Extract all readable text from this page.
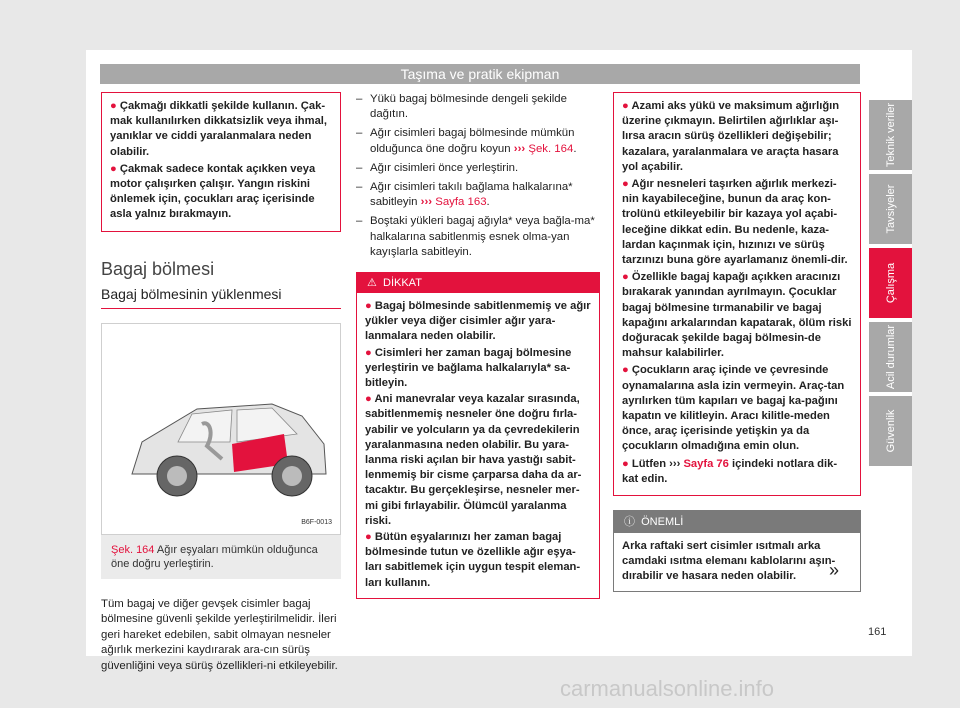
Taşıma ve pratik ekipman

● Çakmağı dikkatli şekilde kullanın. Çak-mak kullanılırken dikkatsizlik veya ihmal, yanıklar ve ciddi yaralanmalara neden olabilir.

● Çakmak sadece kontak açıkken veya motor çalışırken çalışır. Yangın riskini önlemek için, çocukları araç içerisinde asla yalnız bırakmayın.

Bagaj bölmesi
Bagaj bölmesinin yüklenmesi
B6F-0013
Şek. 164 Ağır eşyaları mümkün olduğunca öne doğru yerleştirin.

Tüm bagaj ve diğer gevşek cisimler bagaj bölmesine güvenli şekilde yerleştirilmelidir. İleri geri hareket edebilen, sabit olmayan nesneler ağırlık merkezini kaydırarak ara-cın sürüş güvenliğini veya sürüş özellikleri-ni etkileyebilir.

– Yükü bagaj bölmesinde dengeli şekilde dağıtın.
– Ağır cisimleri bagaj bölmesinde mümkün olduğunca öne doğru koyun ››› Şek. 164.
– Ağır cisimleri önce yerleştirin.
– Ağır cisimleri takılı bağlama halkalarına* sabitleyin ››› Sayfa 163.
– Boştaki yükleri bagaj ağıyla* veya bağla-ma* halkalarına sabitlenmiş esnek olma-yan kayışlarla sabitleyin.
⚠ DİKKAT

● Bagaj bölmesinde sabitlenmemiş ve ağır yükler veya diğer cisimler ağır yara-lanmalara neden olabilir.

● Cisimleri her zaman bagaj bölmesine yerleştirin ve bağlama halkalarıyla* sa-bitleyin.

● Ani manevralar veya kazalar sırasında, sabitlenmemiş nesneler öne doğru fırla-yabilir ve yolcuların ya da çevredekilerin yaralanmasına neden olabilir. Bu yara-lanma riski açılan bir hava yastığı sabit-lenmemiş bir cisme çarparsa daha da ar-tacaktır. Bu gerçekleşirse, nesneler mer-mi gibi fırlayabilir. Ölümcül yaralanma riski.

● Bütün eşyalarınızı her zaman bagaj bölmesinde tutun ve özellikle ağır eşya-ları sabitlemek için uygun tespit eleman-ları kullanın.

● Azami aks yükü ve maksimum ağırlığın üzerine çıkmayın. Belirtilen ağırlıklar aşı-lırsa aracın sürüş özellikleri değişebilir; kazalara, yaralanmalara ve araçta hasara yol açabilir.

● Ağır nesneleri taşırken ağırlık merkezi-nin kayabileceğine, bunun da araç kon-trolünü etkileyebilir bir kazaya yol açabi-leceğine dikkat edin. Bu nedenle, kaza-lardan kaçınmak için, hızınızı ve sürüş tarzınızı buna göre ayarlamanız önemli-dir.

● Özellikle bagaj kapağı açıkken aracınızı bırakarak yanından ayrılmayın. Çocuklar bagaj bölmesine tırmanabilir ve bagaj kapağını arkalarından kapatarak, ölüm riski doğuracak şekilde bagaj bölmesin-de mahsur kalabilirler.

● Çocukların araç içinde ve çevresinde oynamalarına asla izin vermeyin. Araç-tan ayrılırken tüm kapıları ve bagaj ka-pağını kapatın ve kilitleyin. Aracı kilitle-meden önce, araç içerisinde yetişkin ya da çocukların olmadığına emin olun.

● Lütfen ››› Sayfa 76 içindeki notlara dik-kat edin.

ⓘ ÖNEMLİ
Arka raftaki sert cisimler ısıtmalı arka camdaki ısıtma elemanı kablolarını aşın-dırabilir ve hasara neden olabilir.	»
Teknik veriler
Tavsiyeler
Çalışma
Acil durumlar
Güvenlik
161
carmanualsonline.info
